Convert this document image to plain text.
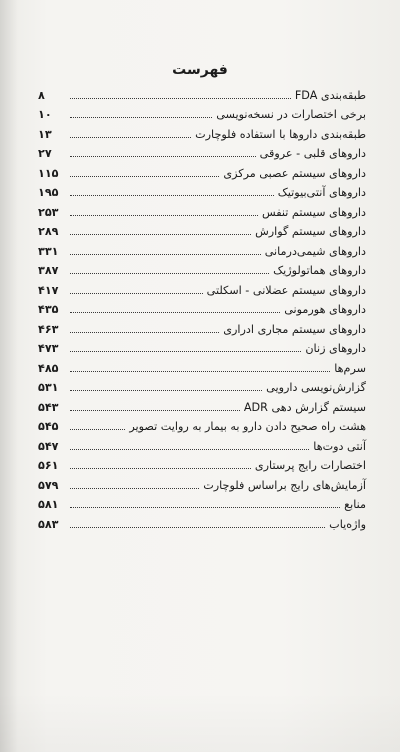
فهرست
۸	طبقه‌بندی FDA
۱۰	برخی اختصارات در نسخه‌نویسی
۱۳	طبقه‌بندی داروها با استفاده فلوچارت
۲۷	داروهای قلبی - عروقی
۱۱۵	داروهای سیستم عصبی مرکزی
۱۹۵	داروهای آنتی‌بیوتیک
۲۵۳	داروهای سیستم تنفس
۲۸۹	داروهای سیستم گوارش
۳۳۱	داروهای شیمی‌درمانی
۳۸۷	داروهای هماتولوژیک
۴۱۷	داروهای سیستم عضلانی - اسکلتی
۴۳۵	داروهای هورمونی
۴۶۳	داروهای سیستم مجاری ادراری
۴۷۳	داروهای زنان
۴۸۵	سرم‌ها
۵۳۱	گزارش‌نویسی دارویی
۵۴۳	سیستم گزارش دهی ADR
۵۴۵	هشت راه صحیح دادن دارو به بیمار به روایت تصویر
۵۴۷	آنتی دوت‌ها
۵۶۱	اختصارات رایج پرستاری
۵۷۹	آزمایش‌های رایج براساس فلوچارت
۵۸۱	منابع
۵۸۳	واژه‌یاب
